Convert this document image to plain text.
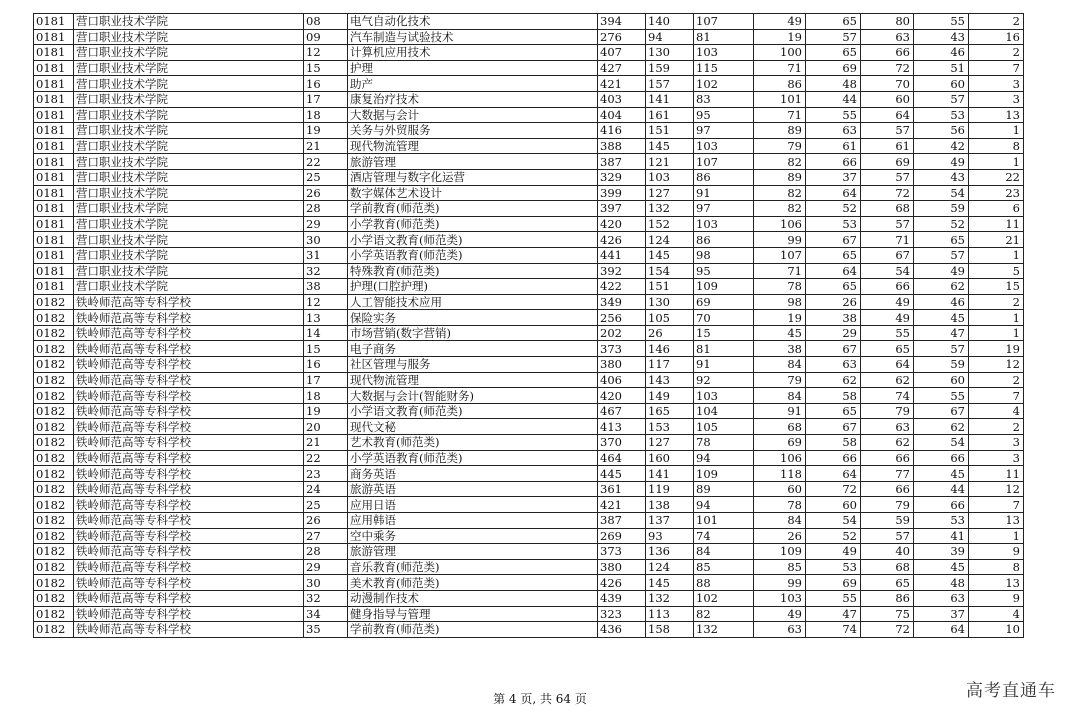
0181	营口职业技术学院	08	电气自动化技术	394	140	107	49	65	80	55	2
0181	营口职业技术学院	09	汽车制造与试验技术	276	94	81	19	57	63	43	16
0181	营口职业技术学院	12	计算机应用技术	407	130	103	100	65	66	46	2
0181	营口职业技术学院	15	护理	427	159	115	71	69	72	51	7
0181	营口职业技术学院	16	助产	421	157	102	86	48	70	60	3
0181	营口职业技术学院	17	康复治疗技术	403	141	83	101	44	60	57	3
0181	营口职业技术学院	18	大数据与会计	404	161	95	71	55	64	53	13
0181	营口职业技术学院	19	关务与外贸服务	416	151	97	89	63	57	56	1
0181	营口职业技术学院	21	现代物流管理	388	145	103	79	61	61	42	8
0181	营口职业技术学院	22	旅游管理	387	121	107	82	66	69	49	1
0181	营口职业技术学院	25	酒店管理与数字化运营	329	103	86	89	37	57	43	22
0181	营口职业技术学院	26	数字媒体艺术设计	399	127	91	82	64	72	54	23
0181	营口职业技术学院	28	学前教育(师范类)	397	132	97	82	52	68	59	6
0181	营口职业技术学院	29	小学教育(师范类)	420	152	103	106	53	57	52	11
0181	营口职业技术学院	30	小学语文教育(师范类)	426	124	86	99	67	71	65	21
0181	营口职业技术学院	31	小学英语教育(师范类)	441	145	98	107	65	67	57	1
0181	营口职业技术学院	32	特殊教育(师范类)	392	154	95	71	64	54	49	5
0181	营口职业技术学院	38	护理(口腔护理)	422	151	109	78	65	66	62	15
0182	铁岭师范高等专科学校	12	人工智能技术应用	349	130	69	98	26	49	46	2
0182	铁岭师范高等专科学校	13	保险实务	256	105	70	19	38	49	45	1
0182	铁岭师范高等专科学校	14	市场营销(数字营销)	202	26	15	45	29	55	47	1
0182	铁岭师范高等专科学校	15	电子商务	373	146	81	38	67	65	57	19
0182	铁岭师范高等专科学校	16	社区管理与服务	380	117	91	84	63	64	59	12
0182	铁岭师范高等专科学校	17	现代物流管理	406	143	92	79	62	62	60	2
0182	铁岭师范高等专科学校	18	大数据与会计(智能财务)	420	149	103	84	58	74	55	7
0182	铁岭师范高等专科学校	19	小学语文教育(师范类)	467	165	104	91	65	79	67	4
0182	铁岭师范高等专科学校	20	现代文秘	413	153	105	68	67	63	62	2
0182	铁岭师范高等专科学校	21	艺术教育(师范类)	370	127	78	69	58	62	54	3
0182	铁岭师范高等专科学校	22	小学英语教育(师范类)	464	160	94	106	66	66	66	3
0182	铁岭师范高等专科学校	23	商务英语	445	141	109	118	64	77	45	11
0182	铁岭师范高等专科学校	24	旅游英语	361	119	89	60	72	66	44	12
0182	铁岭师范高等专科学校	25	应用日语	421	138	94	78	60	79	66	7
0182	铁岭师范高等专科学校	26	应用韩语	387	137	101	84	54	59	53	13
0182	铁岭师范高等专科学校	27	空中乘务	269	93	74	26	52	57	41	1
0182	铁岭师范高等专科学校	28	旅游管理	373	136	84	109	49	40	39	9
0182	铁岭师范高等专科学校	29	音乐教育(师范类)	380	124	85	85	53	68	45	8
0182	铁岭师范高等专科学校	30	美术教育(师范类)	426	145	88	99	69	65	48	13
0182	铁岭师范高等专科学校	32	动漫制作技术	439	132	102	103	55	86	63	9
0182	铁岭师范高等专科学校	34	健身指导与管理	323	113	82	49	47	75	37	4
0182	铁岭师范高等专科学校	35	学前教育(师范类)	436	158	132	63	74	72	64	10
第 4 页, 共 64 页	高考直通车
